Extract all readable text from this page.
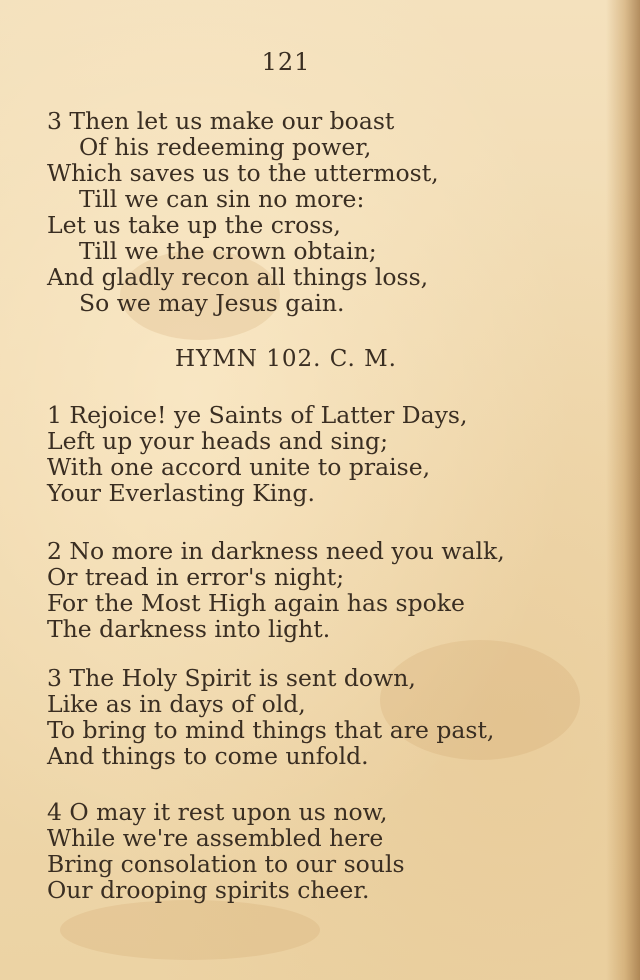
121
3 Then let us make our boast
Of his redeeming power,
Which saves us to the uttermost,
Till we can sin no more:
Let us take up the cross,
Till we the crown obtain;
And gladly recon all things loss,
So we may Jesus gain.
HYMN 102. C. M.
1 Rejoice! ye Saints of Latter Days,
Left up your heads and sing;
With one accord unite to praise,
Your Everlasting King.
2 No more in darkness need you walk,
Or tread in error's night;
For the Most High again has spoke
The darkness into light.
3 The Holy Spirit is sent down,
Like as in days of old,
To bring to mind things that are past,
And things to come unfold.
4 O may it rest upon us now,
While we're assembled here
Bring consolation to our souls
Our drooping spirits cheer.
